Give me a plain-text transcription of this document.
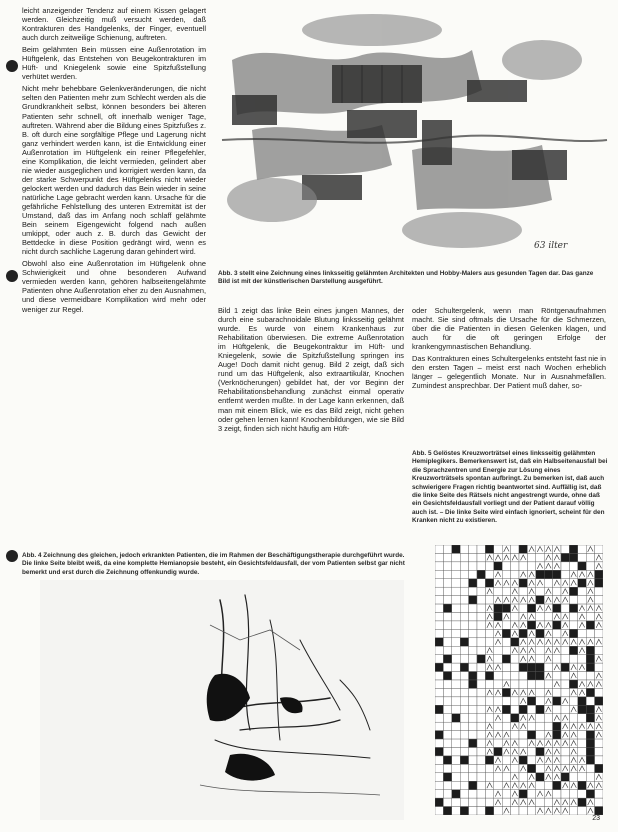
leicht anzeigender Tendenz auf einem Kissen gelagert werden. Gleichzeitig muß versucht werden, daß Kontrakturen des Handgelenks, der Finger, eventuell auch durch zeitweilige Schienung, auftreten.

Beim gelähmten Bein müssen eine Außenrotation im Hüftgelenk, das Entstehen von Beugekontrakturen im Hüft- und Kniegelenk sowie eine Spitzfußstellung verhütet werden.

Nicht mehr behebbare Gelenkveränderungen, die nicht selten den Patienten mehr zum Schlecht werden als die Grundkrankheit selbst, können besonders bei älteren Patienten sehr schnell, oft innerhalb weniger Tage, auftreten. Während aber die Bildung eines Spitzfußes z. B. oft durch eine sorgfältige Pflege und Lagerung nicht ganz verhindert werden kann, ist die Entwicklung einer Außenrotation im Hüftgelenk ein reiner Pflegefehler, eine Komplikation, die leicht vermieden, gelindert aber nie wieder ausgeglichen und korrigiert werden kann, da der starke Schwerpunkt des Hüftgelenks nicht wieder gelockert werden und dadurch das Bein wieder in seine natürliche Lage gebracht werden kann. Ursache für die gefährliche Fehlstellung des unteren Extremität ist der Umstand, daß das im Anfang noch schlaff gelähmte Bein seinem Eigengewicht folgend nach außen umkippt, oder auch z. B. durch das Gewicht der Bettdecke in diese Position gedrängt wird, wenn es nicht durch sachliche Lagerung daran gehindert wird.

Obwohl also eine Außenrotation im Hüftgelenk ohne Schwierigkeit und ohne besonderen Aufwand vermieden werden kann, gehören halbseitengelähmte Patienten ohne Außenrotation eher zu den Ausnahmen, und diese vermeidbare Komplikation wird mehr oder weniger zur Regel.

63 ilter
Abb. 3 stellt eine Zeichnung eines linksseitig gelähmten Architekten und Hobby-Malers aus gesunden Tagen dar. Das ganze Bild ist mit der künstlerischen Darstellung ausgeführt.

Bild 1 zeigt das linke Bein eines jungen Mannes, der durch eine subarachnoidale Blutung linksseitig gelähmt wurde. Es wurde von einem Krankenhaus zur Rehabilitation überwiesen. Die extreme Außenrotation im Hüftgelenk, die Beugekontraktur im Hüft- und Kniegelenk, sowie die Spitzfußstellung springen ins Auge! Doch damit nicht genug. Bild 2 zeigt, daß sich rund um das Hüftgelenk, also extraartikulär, Knochen (Verknöcherungen) gebildet hat, der vor Beginn der Rehabilitationsbehandlung zunächst einmal operativ entfernt werden mußte. In der Lage kann erkennen, daß man mit einem Blick, wie es das Bild zeigt, nicht gehen oder gehen lernen kann! Knochenbildungen, wie sie Bild 3 zeigt, finden sich nicht häufig am Hüft-

oder Schultergelenk, wenn man Röntgenaufnahmen macht. Sie sind oftmals die Ursache für die Schmerzen, über die die Patienten in diesen Gelenken klagen, und auch für die oft geringen Erfolge der krankengymnastischen Behandlung.

Das Kontrakturen eines Schultergelenks entsteht fast nie in den ersten Tagen – meist erst nach Wochen erheblich länger – gelegentlich Monate. Nur in Ausnahmefällen. Zumindest ansprechbar. Der Patient muß daher, so-

Abb. 5 Gelöstes Kreuzworträtsel eines linksseitig gelähmten Hemiplegikers. Bemerkenswert ist, daß ein Halbseitenausfall bei die Sprachzentren und Energie zur Lösung eines Kreuzworträtsels spontan aufbringt. Zu bemerken ist, daß auch schwierigere Fragen richtig beantwortet sind. Auffällig ist, daß die linke Seite des Rätsels nicht angestrengt wurde, ohne daß ein Gesichtsfeldausfall vorliegt und der Patient darauf völlig auch ist. – Die linke Seite wird einfach ignoriert, scheint für den Kranken nicht zu existieren.
Abb. 4 Zeichnung des gleichen, jedoch erkrankten Patienten, die im Rahmen der Beschäftigungstherapie durchgeführt wurde. Die linke Seite bleibt weiß, da eine komplette Hemianopsie besteht, ein Gesichtsfeldausfall, der vom Patienten selbst gar nicht bemerkt und erst durch die Zeichnung offenkundig wurde.
23
